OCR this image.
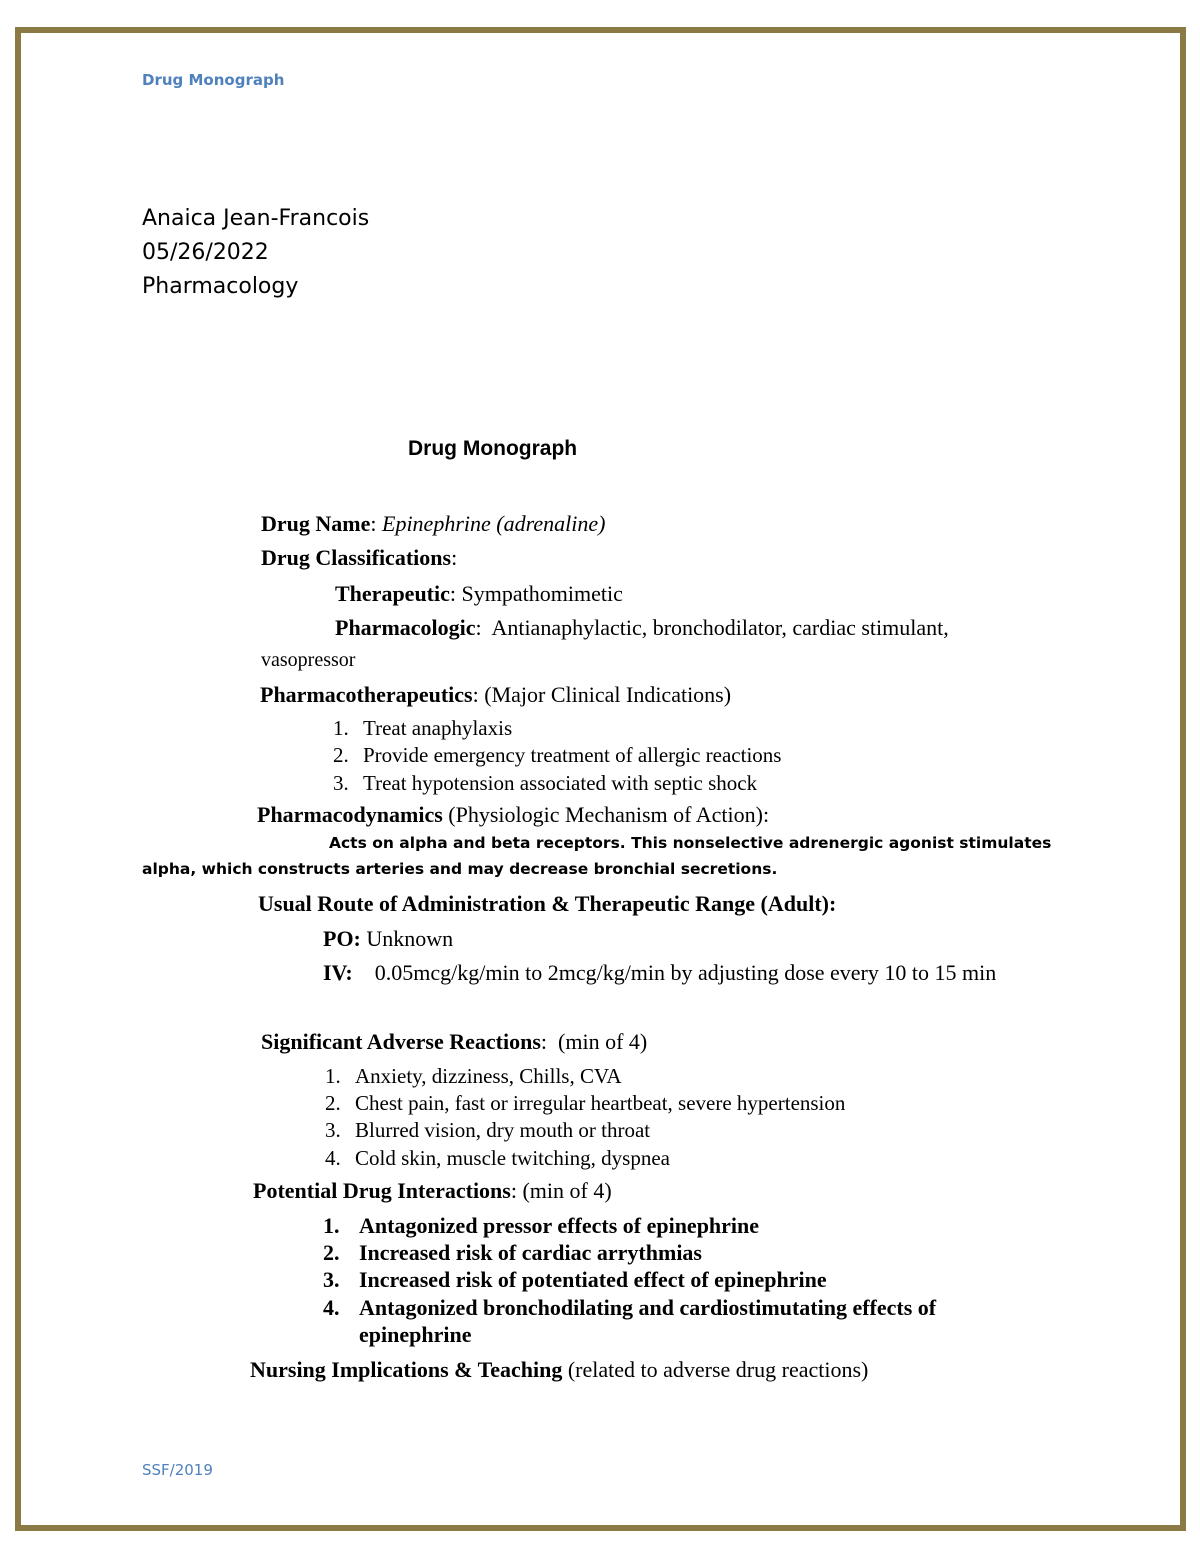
Drug Monograph
Anaica Jean-Francois
05/26/2022
Pharmacology
Drug Monograph
Drug Name: Epinephrine (adrenaline)
Drug Classifications:
Therapeutic: Sympathomimetic
Pharmacologic:  Antianaphylactic, bronchodilator, cardiac stimulant,
vasopressor
Pharmacotherapeutics: (Major Clinical Indications)
1. Treat anaphylaxis
2. Provide emergency treatment of allergic reactions
3. Treat hypotension associated with septic shock
Pharmacodynamics (Physiologic Mechanism of Action):
Acts on alpha and beta receptors. This nonselective adrenergic agonist stimulates
alpha, which constructs arteries and may decrease bronchial secretions.
Usual Route of Administration & Therapeutic Range (Adult):
PO: Unknown
IV: 0.05mcg/kg/min to 2mcg/kg/min by adjusting dose every 10 to 15 min
Significant Adverse Reactions:  (min of 4)
1. Anxiety, dizziness, Chills, CVA
2. Chest pain, fast or irregular heartbeat, severe hypertension
3. Blurred vision, dry mouth or throat
4. Cold skin, muscle twitching, dyspnea
Potential Drug Interactions: (min of 4)
1. Antagonized pressor effects of epinephrine
2. Increased risk of cardiac arrythmias
3. Increased risk of potentiated effect of epinephrine
4. Antagonized bronchodilating and cardiostimutating effects of
epinephrine
Nursing Implications & Teaching (related to adverse drug reactions)
SSF/2019
